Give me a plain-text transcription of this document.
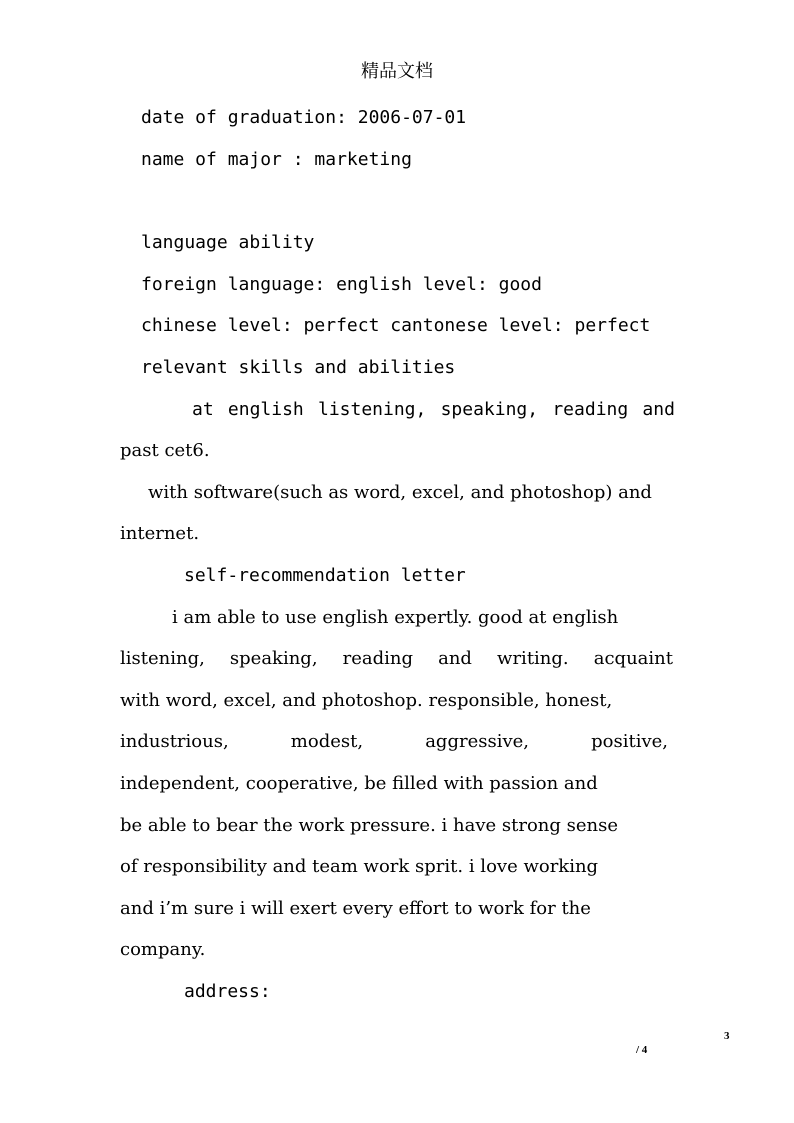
精品文档
date of graduation: 2006-07-01
name of major : marketing
language ability
foreign language: english level: good
chinese level: perfect cantonese level: perfect
relevant skills and abilities
at english listening, speaking, reading and
past cet6.
with software(such as word, excel, and photoshop) and
internet.
self-recommendation letter
i am able to use english expertly. good at english
listening, speaking, reading and writing. acquaint
with word, excel, and photoshop. responsible, honest,
industrious,	modest,	aggressive,	positive,
independent, cooperative, be filled with passion and
be able to bear the work pressure. i have strong sense
of responsibility and team work sprit. i love working
and i’m sure i will exert every effort to work for the
company.
address:
3
/ 4
